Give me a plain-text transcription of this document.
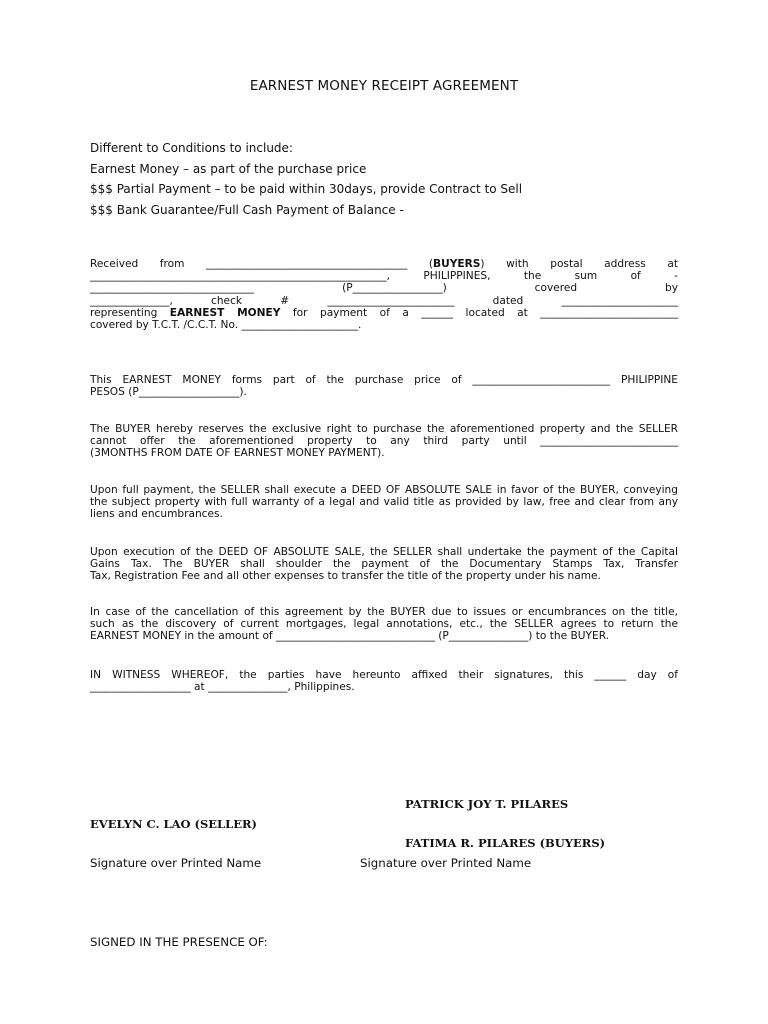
EARNEST MONEY RECEIPT AGREEMENT
Different to Conditions to include:
Earnest Money – as part of the purchase price
$$$ Partial Payment – to be paid within 30days, provide Contract to Sell
$$$ Bank Guarantee/Full Cash Payment of Balance -
Received from ______________________________________ (BUYERS) with postal address at
________________________________________________________, PHILIPPINES, the sum of -
_______________________________ (P_________________) covered by
_______________, check # ________________________ dated ______________________
representing EARNEST MONEY for payment of a ______ located at __________________________
covered by T.C.T. /C.C.T. No. ______________________.
This EARNEST MONEY forms part of the purchase price of __________________________ PHILIPPINE
PESOS (P___________________).
The BUYER hereby reserves the exclusive right to purchase the aforementioned property and the SELLER
cannot offer the aforementioned property to any third party until __________________________
(3MONTHS FROM DATE OF EARNEST MONEY PAYMENT).
Upon full payment, the SELLER shall execute a DEED OF ABSOLUTE SALE in favor of the BUYER, conveying
the subject property with full warranty of a legal and valid title as provided by law, free and clear from any
liens and encumbrances.
Upon execution of the DEED OF ABSOLUTE SALE, the SELLER shall undertake the payment of the Capital
Gains Tax. The BUYER shall shoulder the payment of the Documentary Stamps Tax, Transfer
Tax, Registration Fee and all other expenses to transfer the title of the property under his name.
In case of the cancellation of this agreement by the BUYER due to issues or encumbrances on the title,
such as the discovery of current mortgages, legal annotations, etc., the SELLER agrees to return the
EARNEST MONEY in the amount of ______________________________ (P_______________) to the BUYER.
IN WITNESS WHEREOF, the parties have hereunto affixed their signatures, this ______ day of
___________________ at _______________, Philippines.
PATRICK JOY T. PILARES
EVELYN C. LAO (SELLER)
FATIMA R. PILARES (BUYERS)
Signature over Printed Name	Signature over Printed Name
SIGNED IN THE PRESENCE OF:
